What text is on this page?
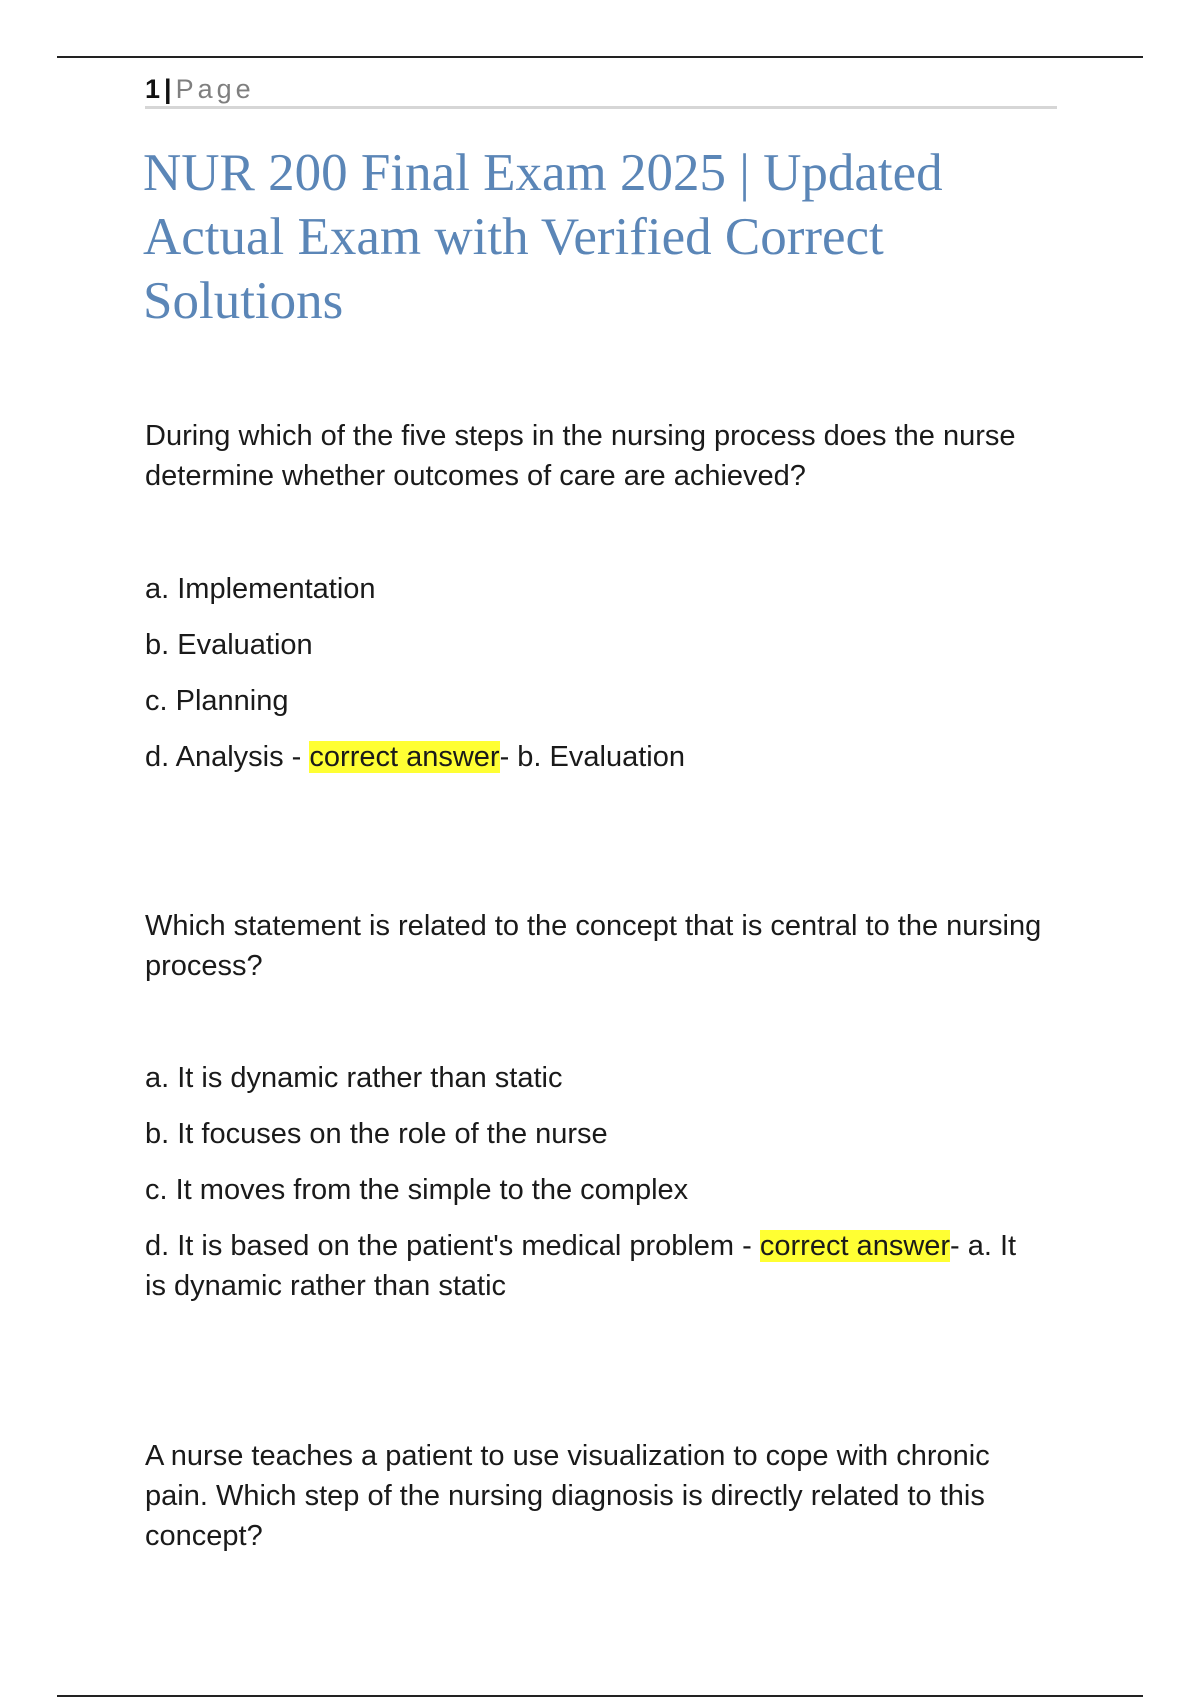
1 | Page
NUR 200 Final Exam 2025 | Updated Actual Exam with Verified Correct Solutions

During which of the five steps in the nursing process does the nurse determine whether outcomes of care are achieved?

a. Implementation
b. Evaluation
c. Planning
d. Analysis - correct answer- b. Evaluation

Which statement is related to the concept that is central to the nursing process?

a. It is dynamic rather than static
b. It focuses on the role of the nurse
c. It moves from the simple to the complex
d. It is based on the patient's medical problem - correct answer- a. It is dynamic rather than static

A nurse teaches a patient to use visualization to cope with chronic pain. Which step of the nursing diagnosis is directly related to this concept?
